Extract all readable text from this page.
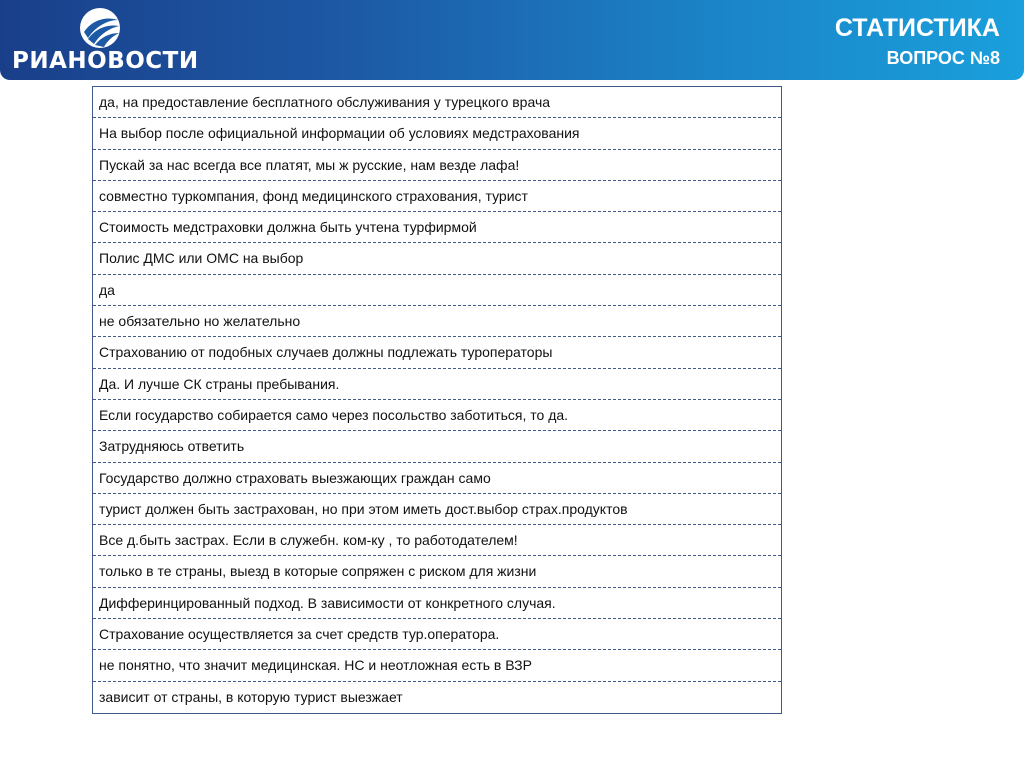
РИАНОВОСТИ
СТАТИСТИКА
ВОПРОС №8
да, на предоставление бесплатного обслуживания у турецкого врача
На выбор после официальной информации об условиях медстрахования
Пускай за нас всегда все платят, мы ж русские, нам везде лафа!
совместно туркомпания, фонд медицинского страхования, турист
Стоимость медстраховки должна быть учтена турфирмой
Полис ДМС или ОМС на выбор
да
не обязательно но желательно
Страхованию от подобных случаев должны подлежать туроператоры
Да. И лучше СК страны пребывания.
Если государство собирается само через посольство заботиться, то да.
Затрудняюсь ответить
Государство должно страховать выезжающих граждан само
турист должен быть застрахован, но при этом иметь дост.выбор страх.продуктов
Все д.быть застрах. Если в служебн. ком-ку , то работодателем!
только в те страны, выезд в которые сопряжен с риском для жизни
Дифферинцированный подход. В зависимости от конкретного случая.
Страхование осуществляется за счет средств тур.оператора.
не понятно, что значит медицинская. НС и неотложная есть в ВЗР
зависит от страны, в которую турист выезжает
